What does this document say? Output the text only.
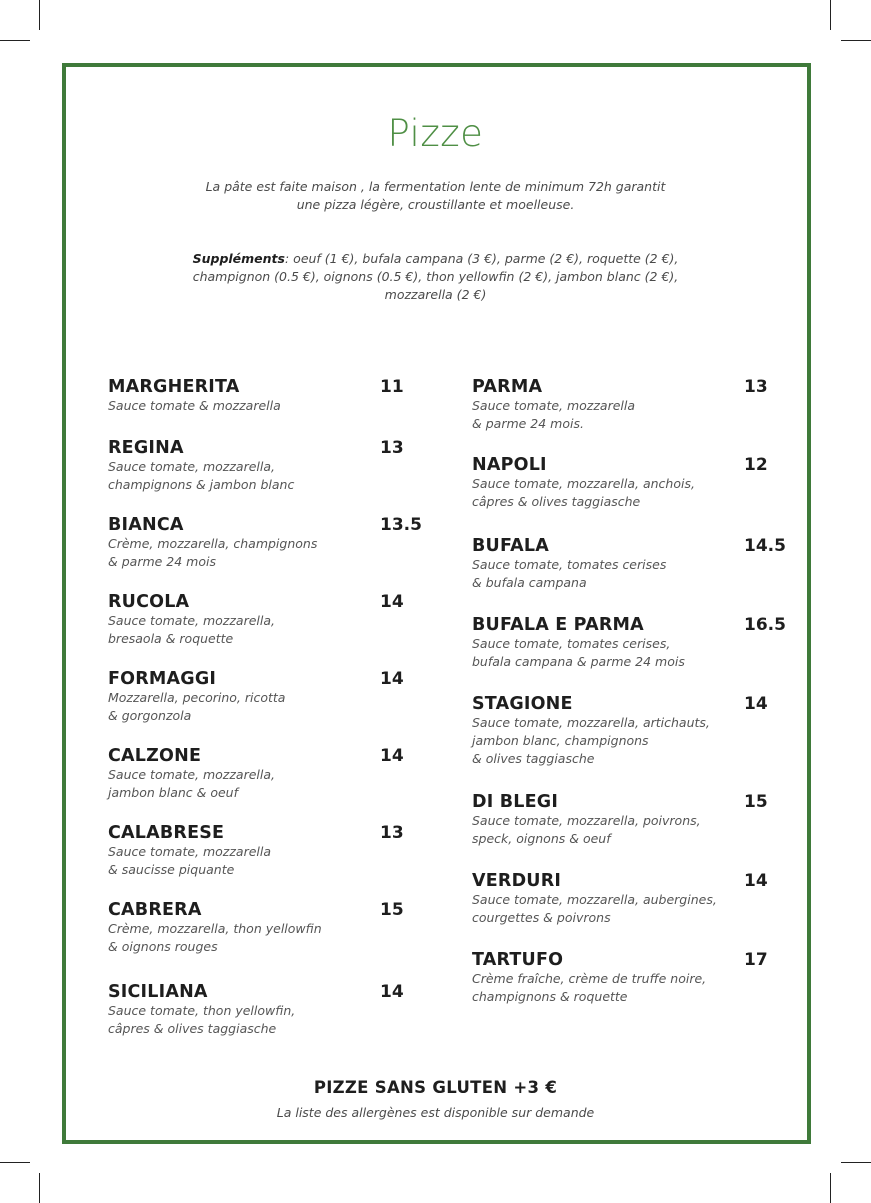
Pizze
La pâte est faite maison , la fermentation lente de minimum 72h garantit
une pizza légère, croustillante et moelleuse.
Suppléments: oeuf (1 €), bufala campana (3 €), parme (2 €), roquette (2 €),
champignon (0.5 €), oignons (0.5 €), thon yellowfin (2 €), jambon blanc (2 €),
mozzarella (2 €)
MARGHERITA	11
Sauce tomate & mozzarella
REGINA	13
Sauce tomate, mozzarella,
champignons & jambon blanc
BIANCA	13.5
Crème, mozzarella, champignons
& parme 24 mois
RUCOLA	14
Sauce tomate, mozzarella,
bresaola & roquette
FORMAGGI	14
Mozzarella, pecorino, ricotta
& gorgonzola
CALZONE	14
Sauce tomate, mozzarella,
jambon blanc & oeuf
CALABRESE	13
Sauce tomate, mozzarella
& saucisse piquante
CABRERA	15
Crème, mozzarella, thon yellowfin
& oignons rouges
SICILIANA	14
Sauce tomate, thon yellowfin,
câpres & olives taggiasche
PARMA	13
Sauce tomate, mozzarella
& parme 24 mois.
NAPOLI	12
Sauce tomate, mozzarella, anchois,
câpres & olives taggiasche
BUFALA	14.5
Sauce tomate, tomates cerises
& bufala campana
BUFALA E PARMA	16.5
Sauce tomate, tomates cerises,
bufala campana & parme 24 mois
STAGIONE	14
Sauce tomate, mozzarella, artichauts,
jambon blanc, champignons
& olives taggiasche
DI BLEGI	15
Sauce tomate, mozzarella, poivrons,
speck, oignons & oeuf
VERDURI	14
Sauce tomate, mozzarella, aubergines,
courgettes & poivrons
TARTUFO	17
Crème fraîche, crème de truffe noire,
champignons & roquette
PIZZE SANS GLUTEN +3 €
La liste des allergènes est disponible sur demande
